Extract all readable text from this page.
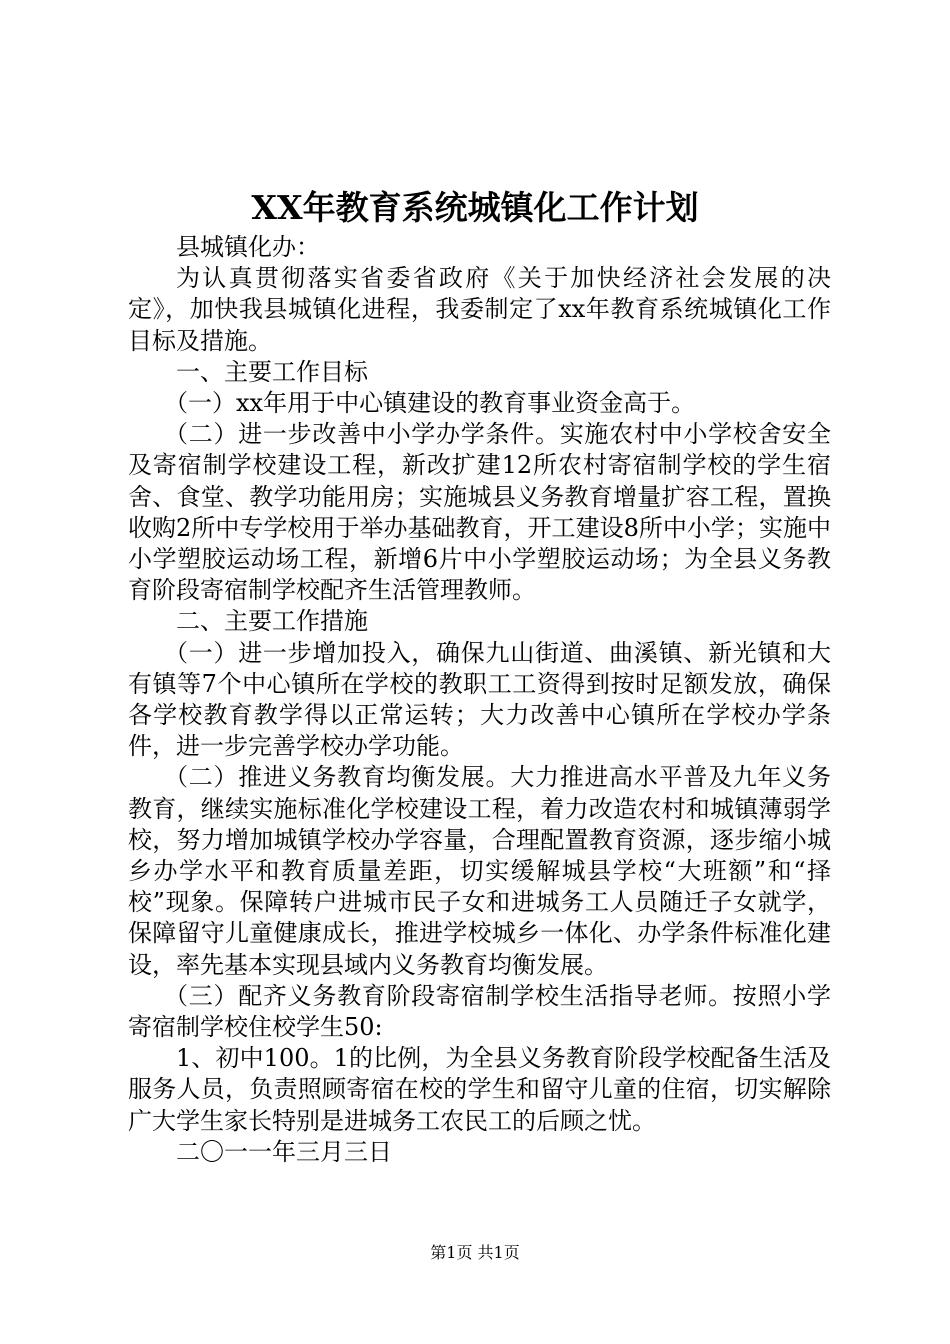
XX年教育系统城镇化工作计划

县城镇化办：

为认真贯彻落实省委省政府《关于加快经济社会发展的决定》，加快我县城镇化进程，我委制定了xx年教育系统城镇化工作目标及措施。

一、主要工作目标

（一）xx年用于中心镇建设的教育事业资金高于。

（二）进一步改善中小学办学条件。实施农村中小学校舍安全及寄宿制学校建设工程，新改扩建12所农村寄宿制学校的学生宿舍、食堂、教学功能用房；实施城县义务教育增量扩容工程，置换收购2所中专学校用于举办基础教育，开工建设8所中小学；实施中小学塑胶运动场工程，新增6片中小学塑胶运动场；为全县义务教育阶段寄宿制学校配齐生活管理教师。

二、主要工作措施

（一）进一步增加投入，确保九山街道、曲溪镇、新光镇和大有镇等7个中心镇所在学校的教职工工资得到按时足额发放，确保各学校教育教学得以正常运转；大力改善中心镇所在学校办学条件，进一步完善学校办学功能。

（二）推进义务教育均衡发展。大力推进高水平普及九年义务教育，继续实施标准化学校建设工程，着力改造农村和城镇薄弱学校，努力增加城镇学校办学容量，合理配置教育资源，逐步缩小城乡办学水平和教育质量差距，切实缓解城县学校“大班额”和“择校”现象。保障转户进城市民子女和进城务工人员随迁子女就学，保障留守儿童健康成长，推进学校城乡一体化、办学条件标准化建设，率先基本实现县域内义务教育均衡发展。

（三）配齐义务教育阶段寄宿制学校生活指导老师。按照小学寄宿制学校住校学生50:

1、初中100。1的比例，为全县义务教育阶段学校配备生活及服务人员，负责照顾寄宿在校的学生和留守儿童的住宿，切实解除广大学生家长特别是进城务工农民工的后顾之忧。

二〇一一年三月三日

第1页 共1页
